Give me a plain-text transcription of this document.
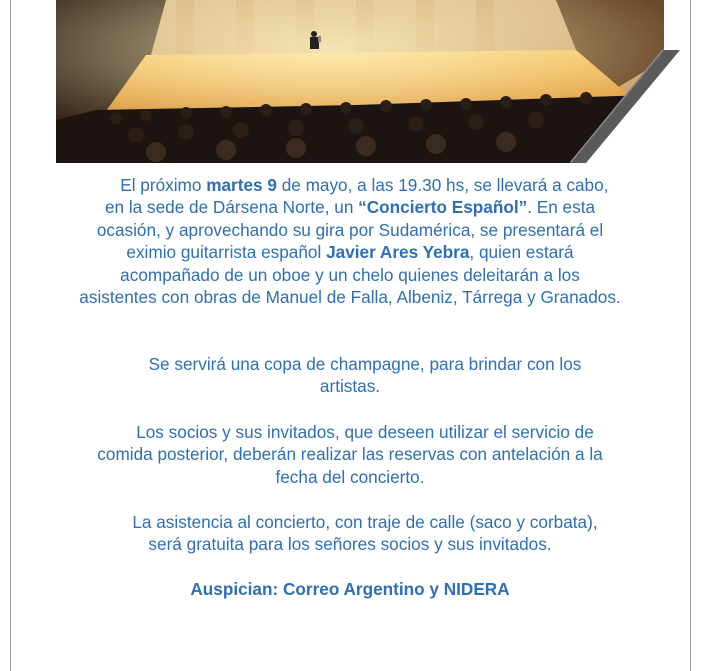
   El próximo martes 9 de mayo, a las 19.30 hs, se llevará a cabo,
en la sede de Dársena Norte, un “Concierto Español”. En esta
ocasión, y aprovechando su gira por Sudamérica, se presentará el
eximio guitarrista español Javier Ares Yebra, quien estará
acompañado de un oboe y un chelo quienes deleitarán a los
asistentes con obras de Manuel de Falla, Albeniz, Tárrega y Granados.
Se servirá una copa de champagne, para brindar con los
artistas.
Los socios y sus invitados, que deseen utilizar el servicio de
comida posterior, deberán realizar las reservas con antelación a la
fecha del concierto.
La asistencia al concierto, con traje de calle (saco y corbata),
será gratuita para los señores socios y sus invitados.
Auspician: Correo Argentino y NIDERA
